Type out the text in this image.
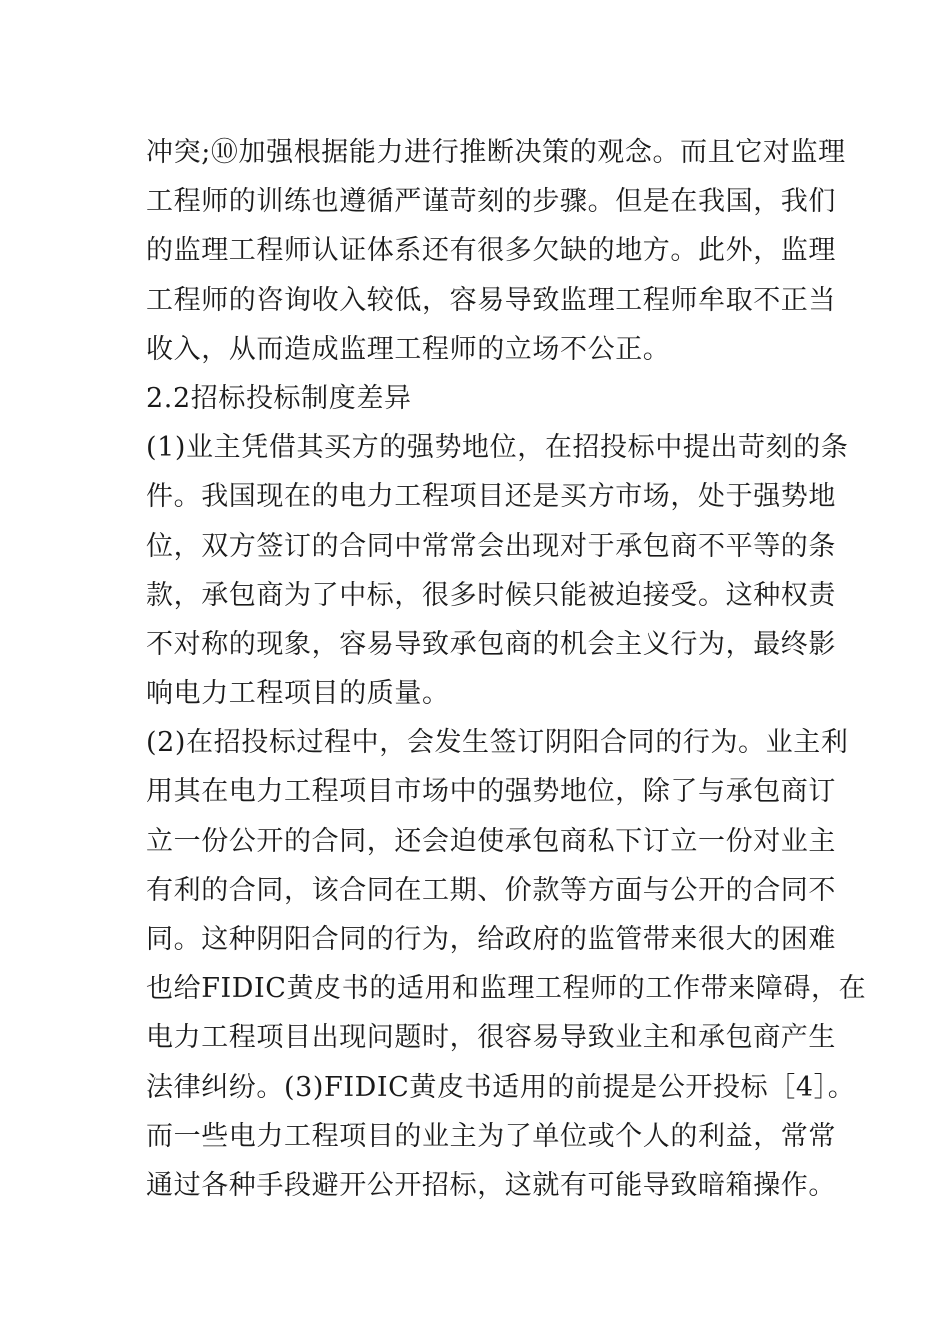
冲突;⑩加强根据能力进行推断决策的观念。而且它对监理
工程师的训练也遵循严谨苛刻的步骤。但是在我国，我们
的监理工程师认证体系还有很多欠缺的地方。此外，监理
工程师的咨询收入较低，容易导致监理工程师牟取不正当
收入，从而造成监理工程师的立场不公正。
2.2招标投标制度差异
(1)业主凭借其买方的强势地位，在招投标中提出苛刻的条
件。我国现在的电力工程项目还是买方市场，处于强势地
位，双方签订的合同中常常会出现对于承包商不平等的条
款，承包商为了中标，很多时候只能被迫接受。这种权责
不对称的现象，容易导致承包商的机会主义行为，最终影
响电力工程项目的质量。
(2)在招投标过程中，会发生签订阴阳合同的行为。业主利
用其在电力工程项目市场中的强势地位，除了与承包商订
立一份公开的合同，还会迫使承包商私下订立一份对业主
有利的合同，该合同在工期、价款等方面与公开的合同不
同。这种阴阳合同的行为，给政府的监管带来很大的困难
也给FIDIC黄皮书的适用和监理工程师的工作带来障碍，在
电力工程项目出现问题时，很容易导致业主和承包商产生
法律纠纷。(3)FIDIC黄皮书适用的前提是公开投标［4］。
而一些电力工程项目的业主为了单位或个人的利益，常常
通过各种手段避开公开招标，这就有可能导致暗箱操作。
